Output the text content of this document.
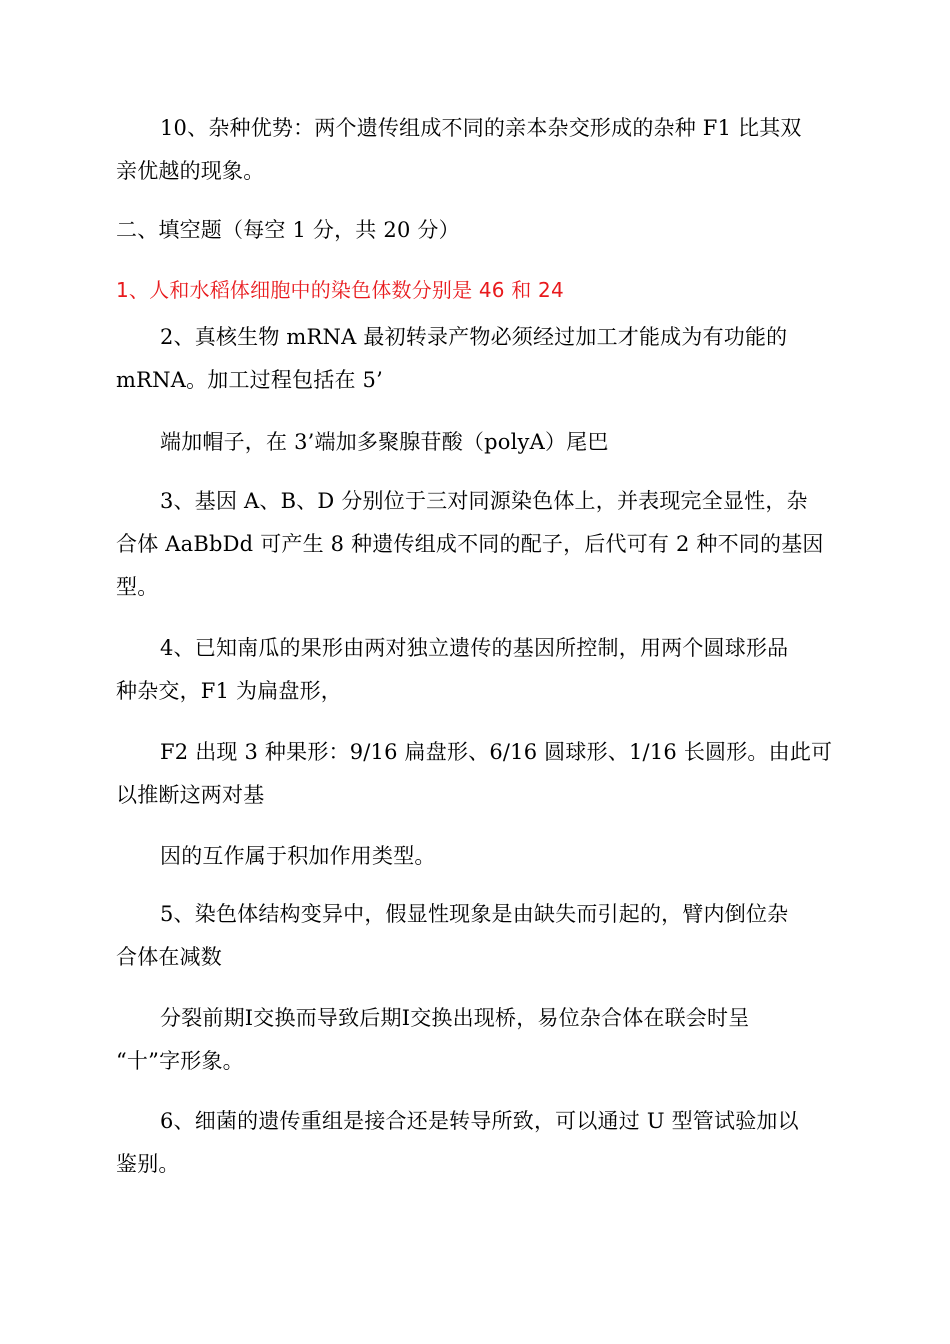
10、杂种优势：两个遗传组成不同的亲本杂交形成的杂种 F1 比其双
亲优越的现象。
二、填空题（每空 1 分，共 20 分）
1、人和水稻体细胞中的染色体数分别是 46 和 24
2、真核生物 mRNA 最初转录产物必须经过加工才能成为有功能的
mRNA。加工过程包括在 5’
端加帽子，在 3’端加多聚腺苷酸（polyA）尾巴
3、基因 A、B、D 分别位于三对同源染色体上，并表现完全显性，杂
合体 AaBbDd 可产生 8 种遗传组成不同的配子，后代可有 2 种不同的基因
型。
4、已知南瓜的果形由两对独立遗传的基因所控制，用两个圆球形品
种杂交，F1 为扁盘形，
F2 出现 3 种果形：9/16 扁盘形、6/16 圆球形、1/16 长圆形。由此可
以推断这两对基
因的互作属于积加作用类型。
5、染色体结构变异中，假显性现象是由缺失而引起的，臂内倒位杂
合体在减数
分裂前期Ⅰ交换而导致后期Ⅰ交换出现桥，易位杂合体在联会时呈
“十”字形象。
6、细菌的遗传重组是接合还是转导所致，可以通过 U 型管试验加以
鉴别。
